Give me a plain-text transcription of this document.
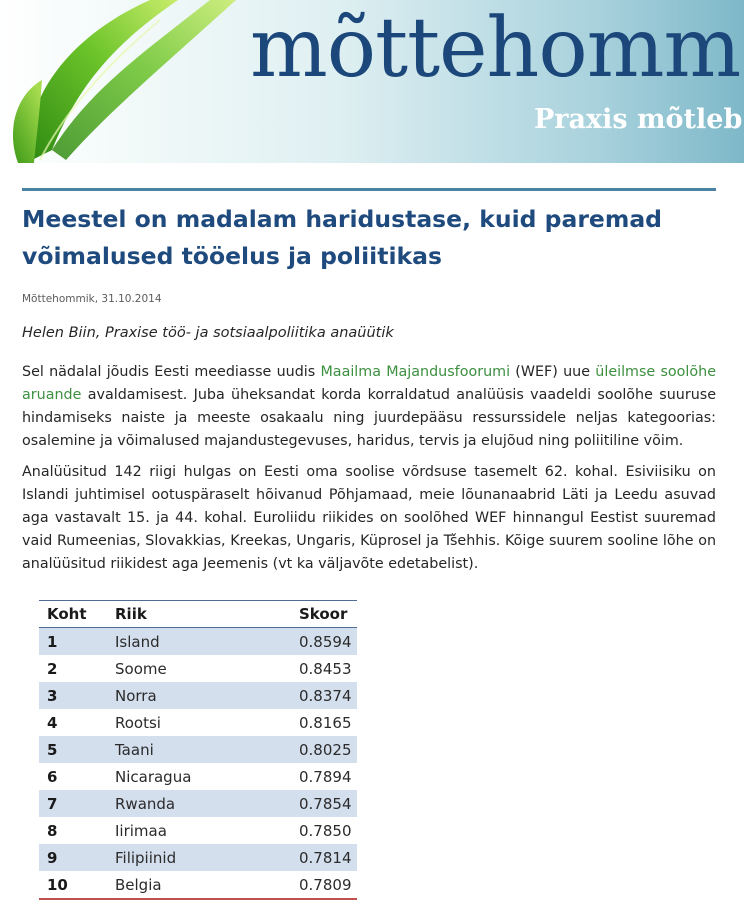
mõttehomm
Praxis mõtleb
Meestel on madalam haridustase, kuid paremad võimalused tööelus ja poliitikas
Mõttehommik, 31.10.2014
Helen Biin, Praxise töö- ja sotsiaalpoliitika anaüütik

Sel nädalal jõudis Eesti meediasse uudis Maailma Majandusfoorumi (WEF) uue üleilmse soolõhe aruande avaldamisest. Juba üheksandat korda korraldatud analüüsis vaadeldi soolõhe suuruse hindamiseks naiste ja meeste osakaalu ning juurdepääsu ressurssidele neljas kategoorias: osalemine ja võimalused majandustegevuses, haridus, tervis ja elujõud ning poliitiline võim.

Analüüsitud 142 riigi hulgas on Eesti oma soolise võrdsuse tasemelt 62. kohal. Esiviisiku on Islandi juhtimisel ootuspäraselt hõivanud Põhjamaad, meie lõunanaabrid Läti ja Leedu asuvad aga vastavalt 15. ja 44. kohal. Euroliidu riikides on soolõhed WEF hinnangul Eestist suuremad vaid Rumeenias, Slovakkias, Kreekas, Ungaris, Küprosel ja Tšehhis. Kõige suurem sooline lõhe on analüüsitud riikidest aga Jeemenis (vt ka väljavõte edetabelist).

Koht	Riik	Skoor
1	Island	0.8594
2	Soome	0.8453
3	Norra	0.8374
4	Rootsi	0.8165
5	Taani	0.8025
6	Nicaragua	0.7894
7	Rwanda	0.7854
8	Iirimaa	0.7850
9	Filipiinid	0.7814
10	Belgia	0.7809
